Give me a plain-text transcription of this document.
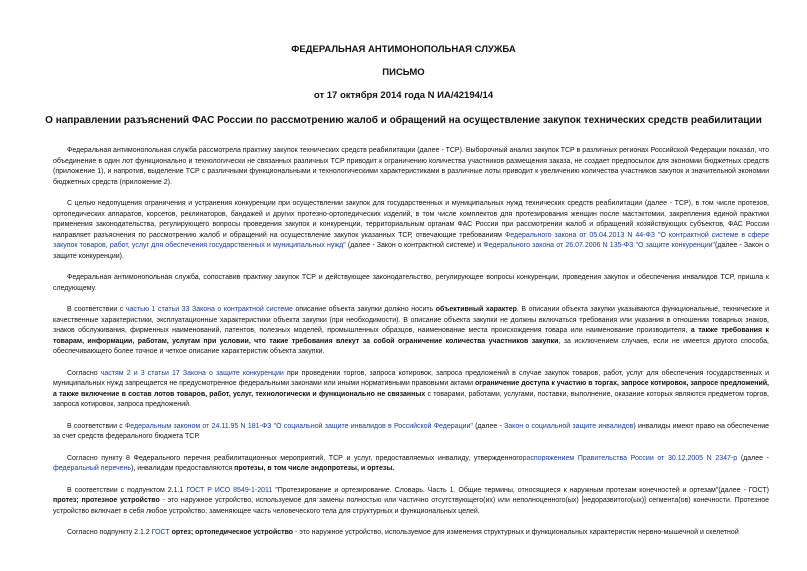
ФЕДЕРАЛЬНАЯ АНТИМОНОПОЛЬНАЯ СЛУЖБА
ПИСЬМО
от 17 октября 2014 года N ИА/42194/14
О направлении разъяснений ФАС России по рассмотрению жалоб и обращений на осуществление закупок технических средств реабилитации

Федеральная антимонопольная служба рассмотрела практику закупок технических средств реабилитации (далее - ТСР). Выборочный анализ закупок ТСР в различных регионах Российской Федерации показал, что объединение в один лот функционально и технологически не связанных различных ТСР приводит к ограничению количества участников размещения заказа, не создает предпосылок для экономии бюджетных средств (приложение 1), и напротив, выделение ТСР с различными функциональными и технологическими характеристиками в различные лоты приводит к увеличению количества участников закупок и значительной экономии бюджетных средств (приложение 2).

С целью недопущения ограничения и устранения конкуренции при осуществлении закупок для государственных и муниципальных нужд технических средств реабилитации (далее - ТСР), в том числе протезов, ортопедических аппаратов, корсетов, реклинаторов, бандажей и других протезно-ортопедических изделий, в том числе комплектов для протезирования женщин после мастэктомии, закрепления единой практики применения законодательства, регулирующего вопросы проведения закупок и конкуренции, территориальным органам ФАС России при рассмотрении жалоб и обращений хозяйствующих субъектов, ФАС России направляет разъяснения по рассмотрению жалоб и обращений на осуществление закупок указанных ТСР, отвечающие требованиям Федерального закона от 05.04.2013 N 44-ФЗ "О контрактной системе в сфере закупок товаров, работ, услуг для обеспечения государственных и муниципальных нужд" (далее - Закон о контрактной системе) и Федерального закона от 26.07.2006 N 135-ФЗ "О защите конкуренции"(далее - Закон о защите конкуренции).

Федеральная антимонопольная служба, сопоставив практику закупок ТСР и действующее законодательство, регулирующее вопросы конкуренции, проведения закупок и обеспечения инвалидов ТСР, пришла к следующему.

В соответствии с частью 1 статьи 33 Закона о контрактной системе описание объекта закупки должно носить объективный характер. В описании объекта закупки указываются функциональные, технические и качественные характеристики, эксплуатационные характеристики объекта закупки (при необходимости). В описание объекта закупки не должны включаться требования или указания в отношении товарных знаков, знаков обслуживания, фирменных наименований, патентов, полезных моделей, промышленных образцов, наименование места происхождения товара или наименование производителя, а также требования к товарам, информации, работам, услугам при условии, что такие требования влекут за собой ограничение количества участников закупки, за исключением случаев, если не имеется другого способа, обеспечивающего более точное и четкое описание характеристик объекта закупки.

Согласно частям 2 и 3 статьи 17 Закона о защите конкуренции при проведении торгов, запроса котировок, запроса предложений в случае закупок товаров, работ, услуг для обеспечения государственных и муниципальных нужд запрещается не предусмотренное федеральными законами или иными нормативными правовыми актами ограничение доступа к участию в торгах, запросе котировок, запросе предложений, а также включение в состав лотов товаров, работ, услуг, технологически и функционально не связанных с товарами, работами, услугами, поставки, выполнение, оказание которых являются предметом торгов, запроса котировок, запроса предложений.

В соответствии с Федеральным законом от 24.11.95 N 181-ФЗ "О социальной защите инвалидов в Российской Федерации" (далее - Закон о социальной защите инвалидов) инвалиды имеют право на обеспечение за счет средств федерального бюджета ТСР.

Согласно пункту 8 Федерального перечня реабилитационных мероприятий, ТСР и услуг, предоставляемых инвалиду, утвержденногораспоряжением Правительства России от 30.12.2005 N 2347-р (далее - федеральный перечень), инвалидам предоставляются протезы, в том числе эндопротезы, и ортезы.

В соответствии с подпунктом 2.1.1 ГОСТ Р ИСО 8549-1-2011 "Протезирование и ортезирование. Словарь. Часть 1. Общие термины, относящиеся к наружным протезам конечностей и ортезам"(далее - ГОСТ) протез; протезное устройство - это наружное устройство, используемое для замены полностью или частично отсутствующего(их) или неполноценного(ых) [недоразвитого(ых)] сегмента(ов) конечности. Протезное устройство включает в себя любое устройство, заменяющее часть человеческого тела для структурных и функциональных целей.

Согласно подпункту 2.1.2 ГОСТ ортез; ортопедическое устройство - это наружное устройство, используемое для изменения структурных и функциональных характеристик нервно-мышечной и скелетной
